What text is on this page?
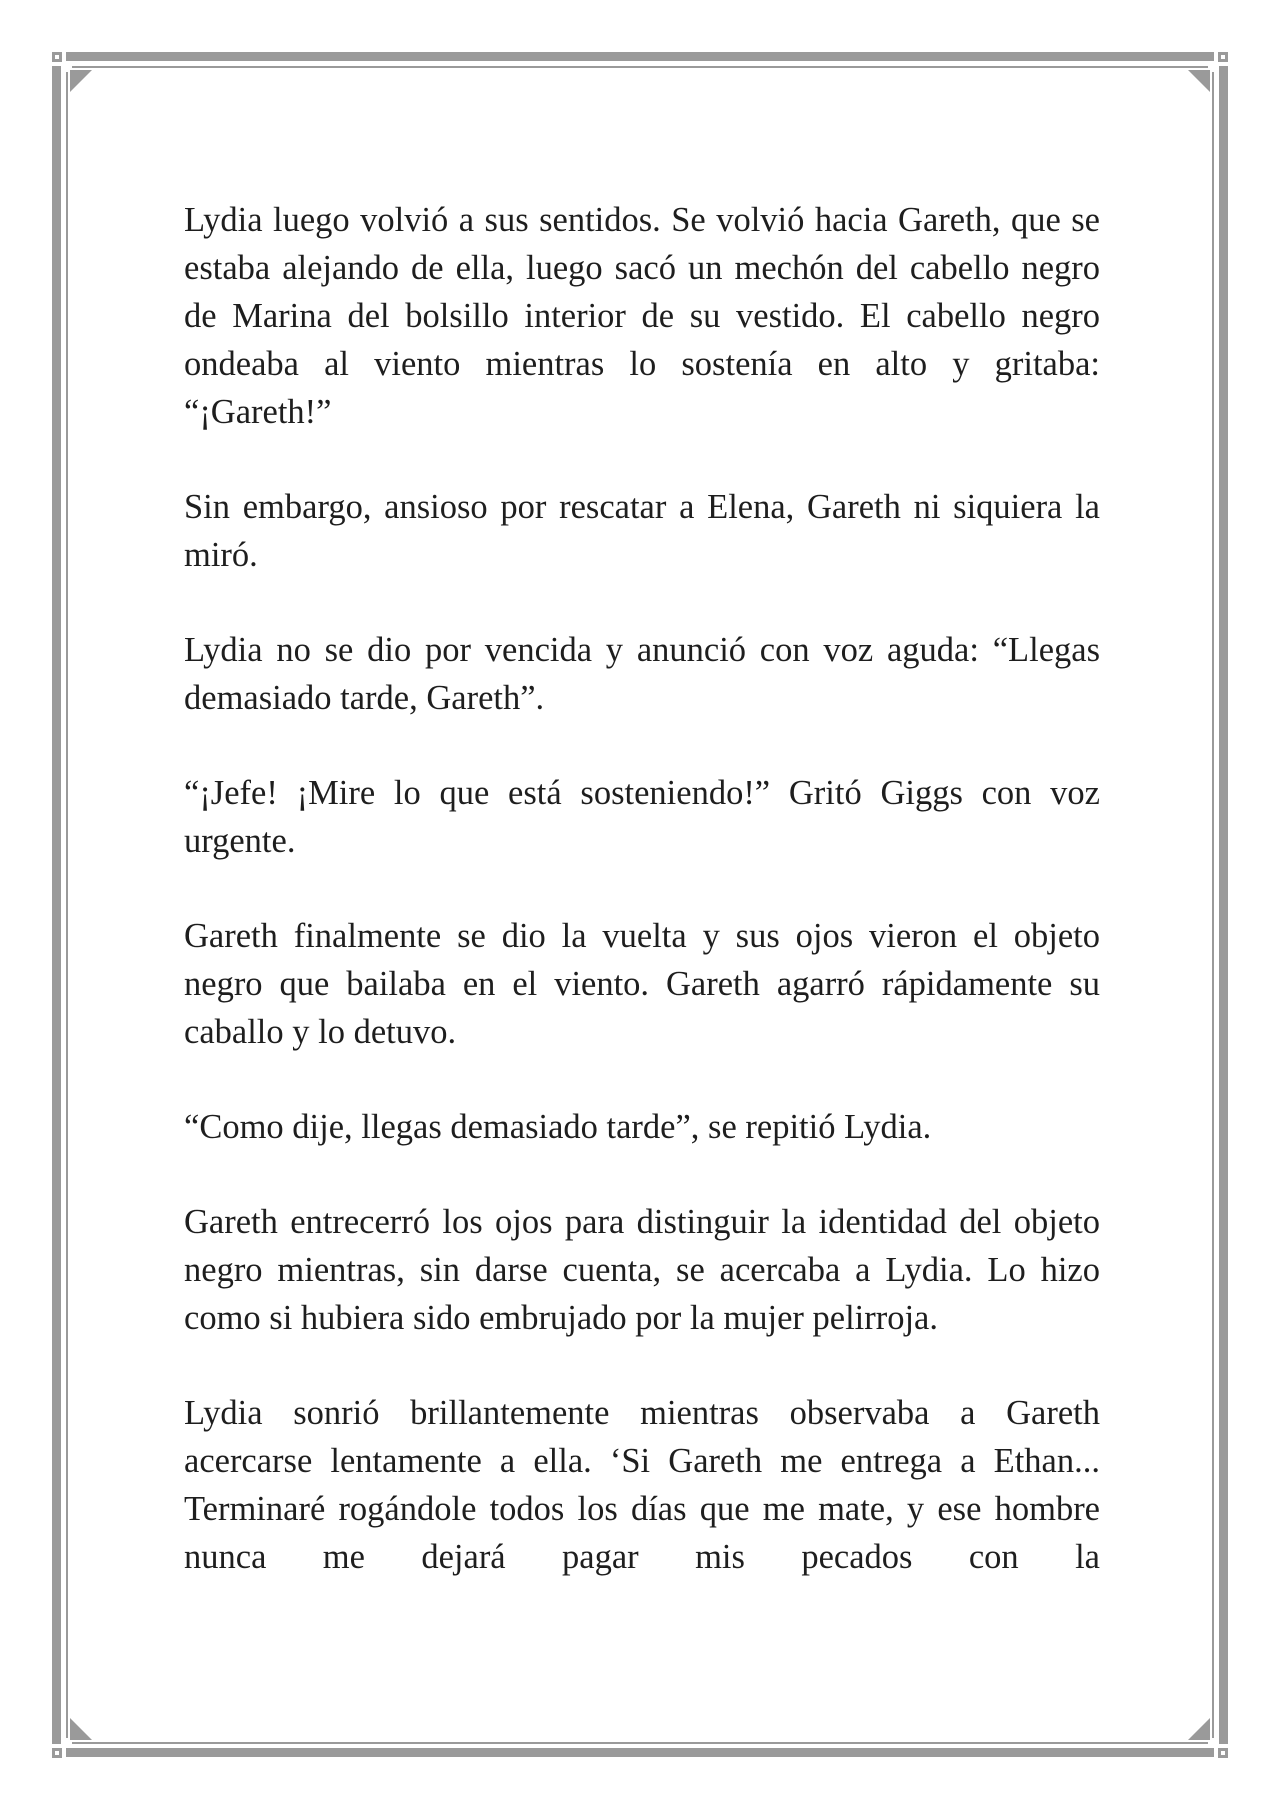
Lydia luego volvió a sus sentidos. Se volvió hacia Gareth, que se estaba alejando de ella, luego sacó un mechón del cabello negro de Marina del bolsillo interior de su vestido. El cabello negro ondeaba al viento mientras lo sostenía en alto y gritaba: “¡Gareth!”

Sin embargo, ansioso por rescatar a Elena, Gareth ni siquiera la miró.

Lydia no se dio por vencida y anunció con voz aguda: “Llegas demasiado tarde, Gareth”.

“¡Jefe! ¡Mire lo que está sosteniendo!” Gritó Giggs con voz urgente.

Gareth finalmente se dio la vuelta y sus ojos vieron el objeto negro que bailaba en el viento. Gareth agarró rápidamente su caballo y lo detuvo.

“Como dije, llegas demasiado tarde”, se repitió Lydia.

Gareth entrecerró los ojos para distinguir la identidad del objeto negro mientras, sin darse cuenta, se acercaba a Lydia. Lo hizo como si hubiera sido embrujado por la mujer pelirroja.

Lydia sonrió brillantemente mientras observaba a Gareth acercarse lentamente a ella. ‘Si Gareth me entrega a Ethan... Terminaré rogándole todos los días que me mate, y ese hombre nunca me dejará pagar mis pecados con la
